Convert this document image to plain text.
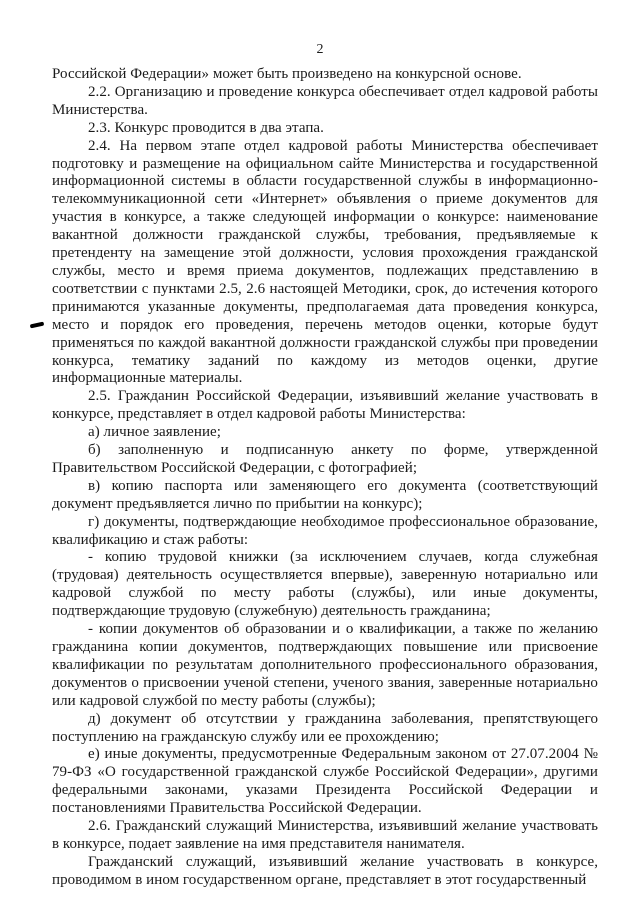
2

Российской Федерации» может быть произведено на конкурсной основе.

2.2. Организацию и проведение конкурса обеспечивает отдел кадровой работы Министерства.

2.3. Конкурс проводится в два этапа.

2.4. На первом этапе отдел кадровой работы Министерства обеспечивает подготовку и размещение на официальном сайте Министерства и государственной информационной системы в области государственной службы в информационно-телекоммуникационной сети «Интернет» объявления о приеме документов для участия в конкурсе, а также следующей информации о конкурсе: наименование вакантной должности гражданской службы, требования, предъявляемые к претенденту на замещение этой должности, условия прохождения гражданской службы, место и время приема документов, подлежащих представлению в соответствии с пунктами 2.5, 2.6 настоящей Методики, срок, до истечения которого принимаются указанные документы, предполагаемая дата проведения конкурса, место и порядок его проведения, перечень методов оценки, которые будут применяться по каждой вакантной должности гражданской службы при проведении конкурса, тематику заданий по каждому из методов оценки, другие информационные материалы.

2.5. Гражданин Российской Федерации, изъявивший желание участвовать в конкурсе, представляет в отдел кадровой работы Министерства:

а) личное заявление;

б) заполненную и подписанную анкету по форме, утвержденной Правительством Российской Федерации, с фотографией;

в) копию паспорта или заменяющего его документа (соответствующий документ предъявляется лично по прибытии на конкурс);

г) документы, подтверждающие необходимое профессиональное образование, квалификацию и стаж работы:

- копию трудовой книжки (за исключением случаев, когда служебная (трудовая) деятельность осуществляется впервые), заверенную нотариально или кадровой службой по месту работы (службы), или иные документы, подтверждающие трудовую (служебную) деятельность гражданина;

- копии документов об образовании и о квалификации, а также по желанию гражданина копии документов, подтверждающих повышение или присвоение квалификации по результатам дополнительного профессионального образования, документов о присвоении ученой степени, ученого звания, заверенные нотариально или кадровой службой по месту работы (службы);

д) документ об отсутствии у гражданина заболевания, препятствующего поступлению на гражданскую службу или ее прохождению;

е) иные документы, предусмотренные Федеральным законом от 27.07.2004 № 79-ФЗ «О государственной гражданской службе Российской Федерации», другими федеральными законами, указами Президента Российской Федерации и постановлениями Правительства Российской Федерации.

2.6. Гражданский служащий Министерства, изъявивший желание участвовать в конкурсе, подает заявление на имя представителя нанимателя.

Гражданский служащий, изъявивший желание участвовать в конкурсе, проводимом в ином государственном органе, представляет в этот государственный
